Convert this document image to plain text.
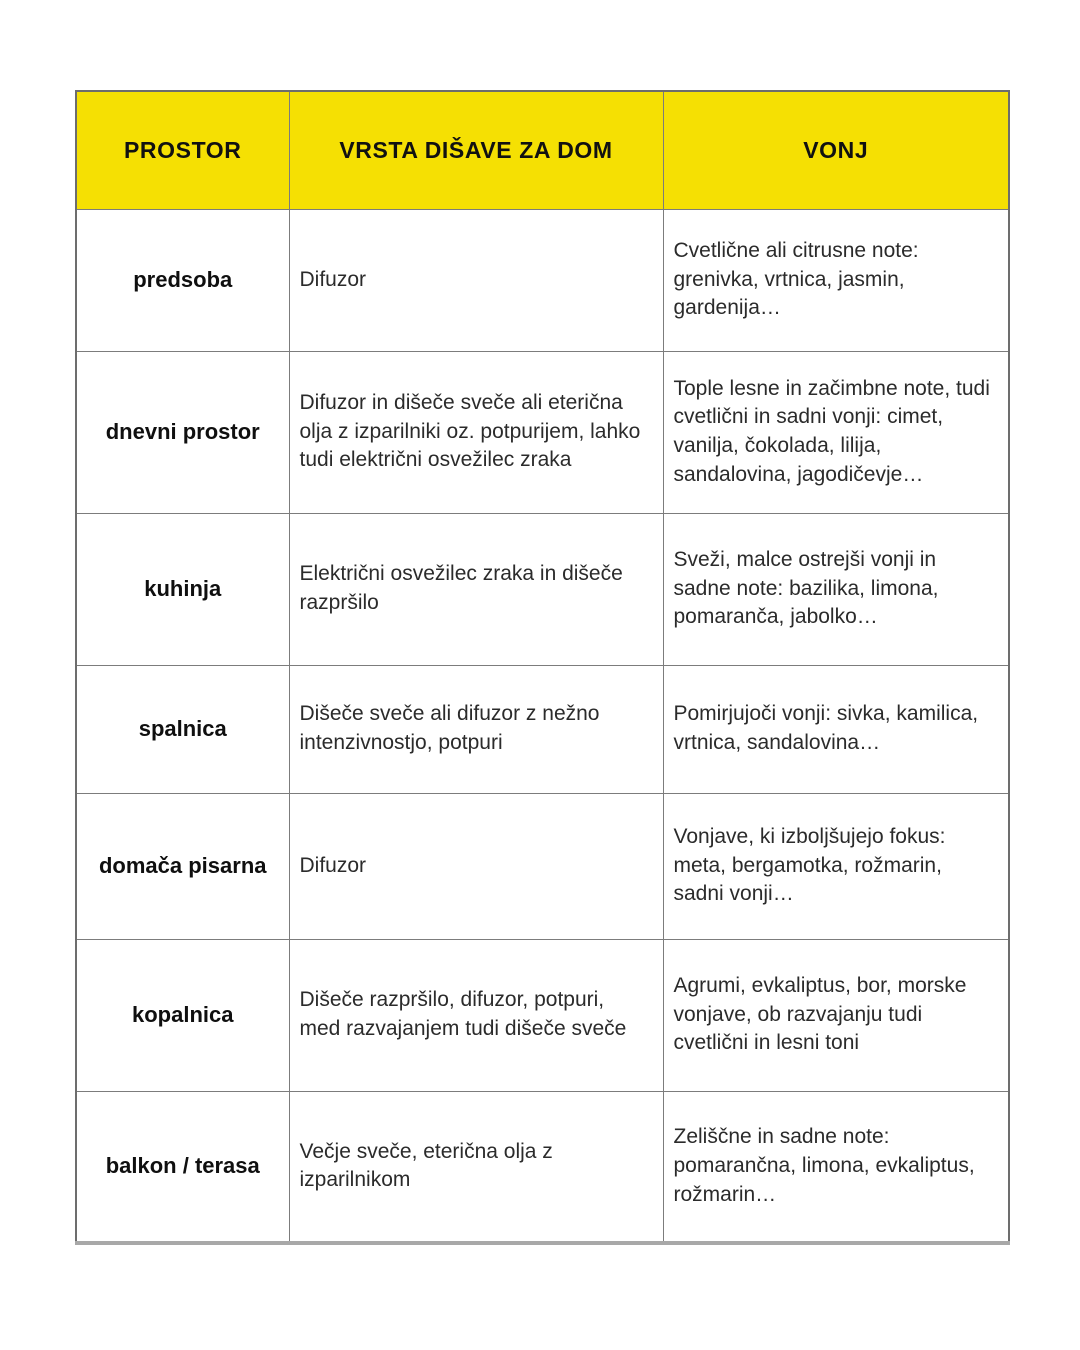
PROSTOR	VRSTA DIŠAVE ZA DOM	VONJ
predsoba	Difuzor	Cvetlične ali citrusne note: grenivka, vrtnica, jasmin, gardenija…
dnevni prostor	Difuzor in dišeče sveče ali eterična olja z izparilniki oz. potpurijem, lahko tudi električni osvežilec zraka	Tople lesne in začimbne note, tudi cvetlični in sadni vonji: cimet, vanilja, čokolada, lilija, sandalovina, jagodičevje…
kuhinja	Električni osvežilec zraka in dišeče razpršilo	Sveži, malce ostrejši vonji in sadne note: bazilika, limona, pomaranča, jabolko…
spalnica	Dišeče sveče ali difuzor z nežno intenzivnostjo, potpuri	Pomirjujoči vonji: sivka, kamilica, vrtnica, sandalovina…
domača pisarna	Difuzor	Vonjave, ki izboljšujejo fokus: meta, bergamotka, rožmarin, sadni vonji…
kopalnica	Dišeče razpršilo, difuzor, potpuri, med razvajanjem tudi dišeče sveče	Agrumi, evkaliptus, bor, morske vonjave, ob razvajanju tudi cvetlični in lesni toni
balkon / terasa	Večje sveče, eterična olja z izparilnikom	Zeliščne in sadne note: pomarančna, limona, evkaliptus, rožmarin…
